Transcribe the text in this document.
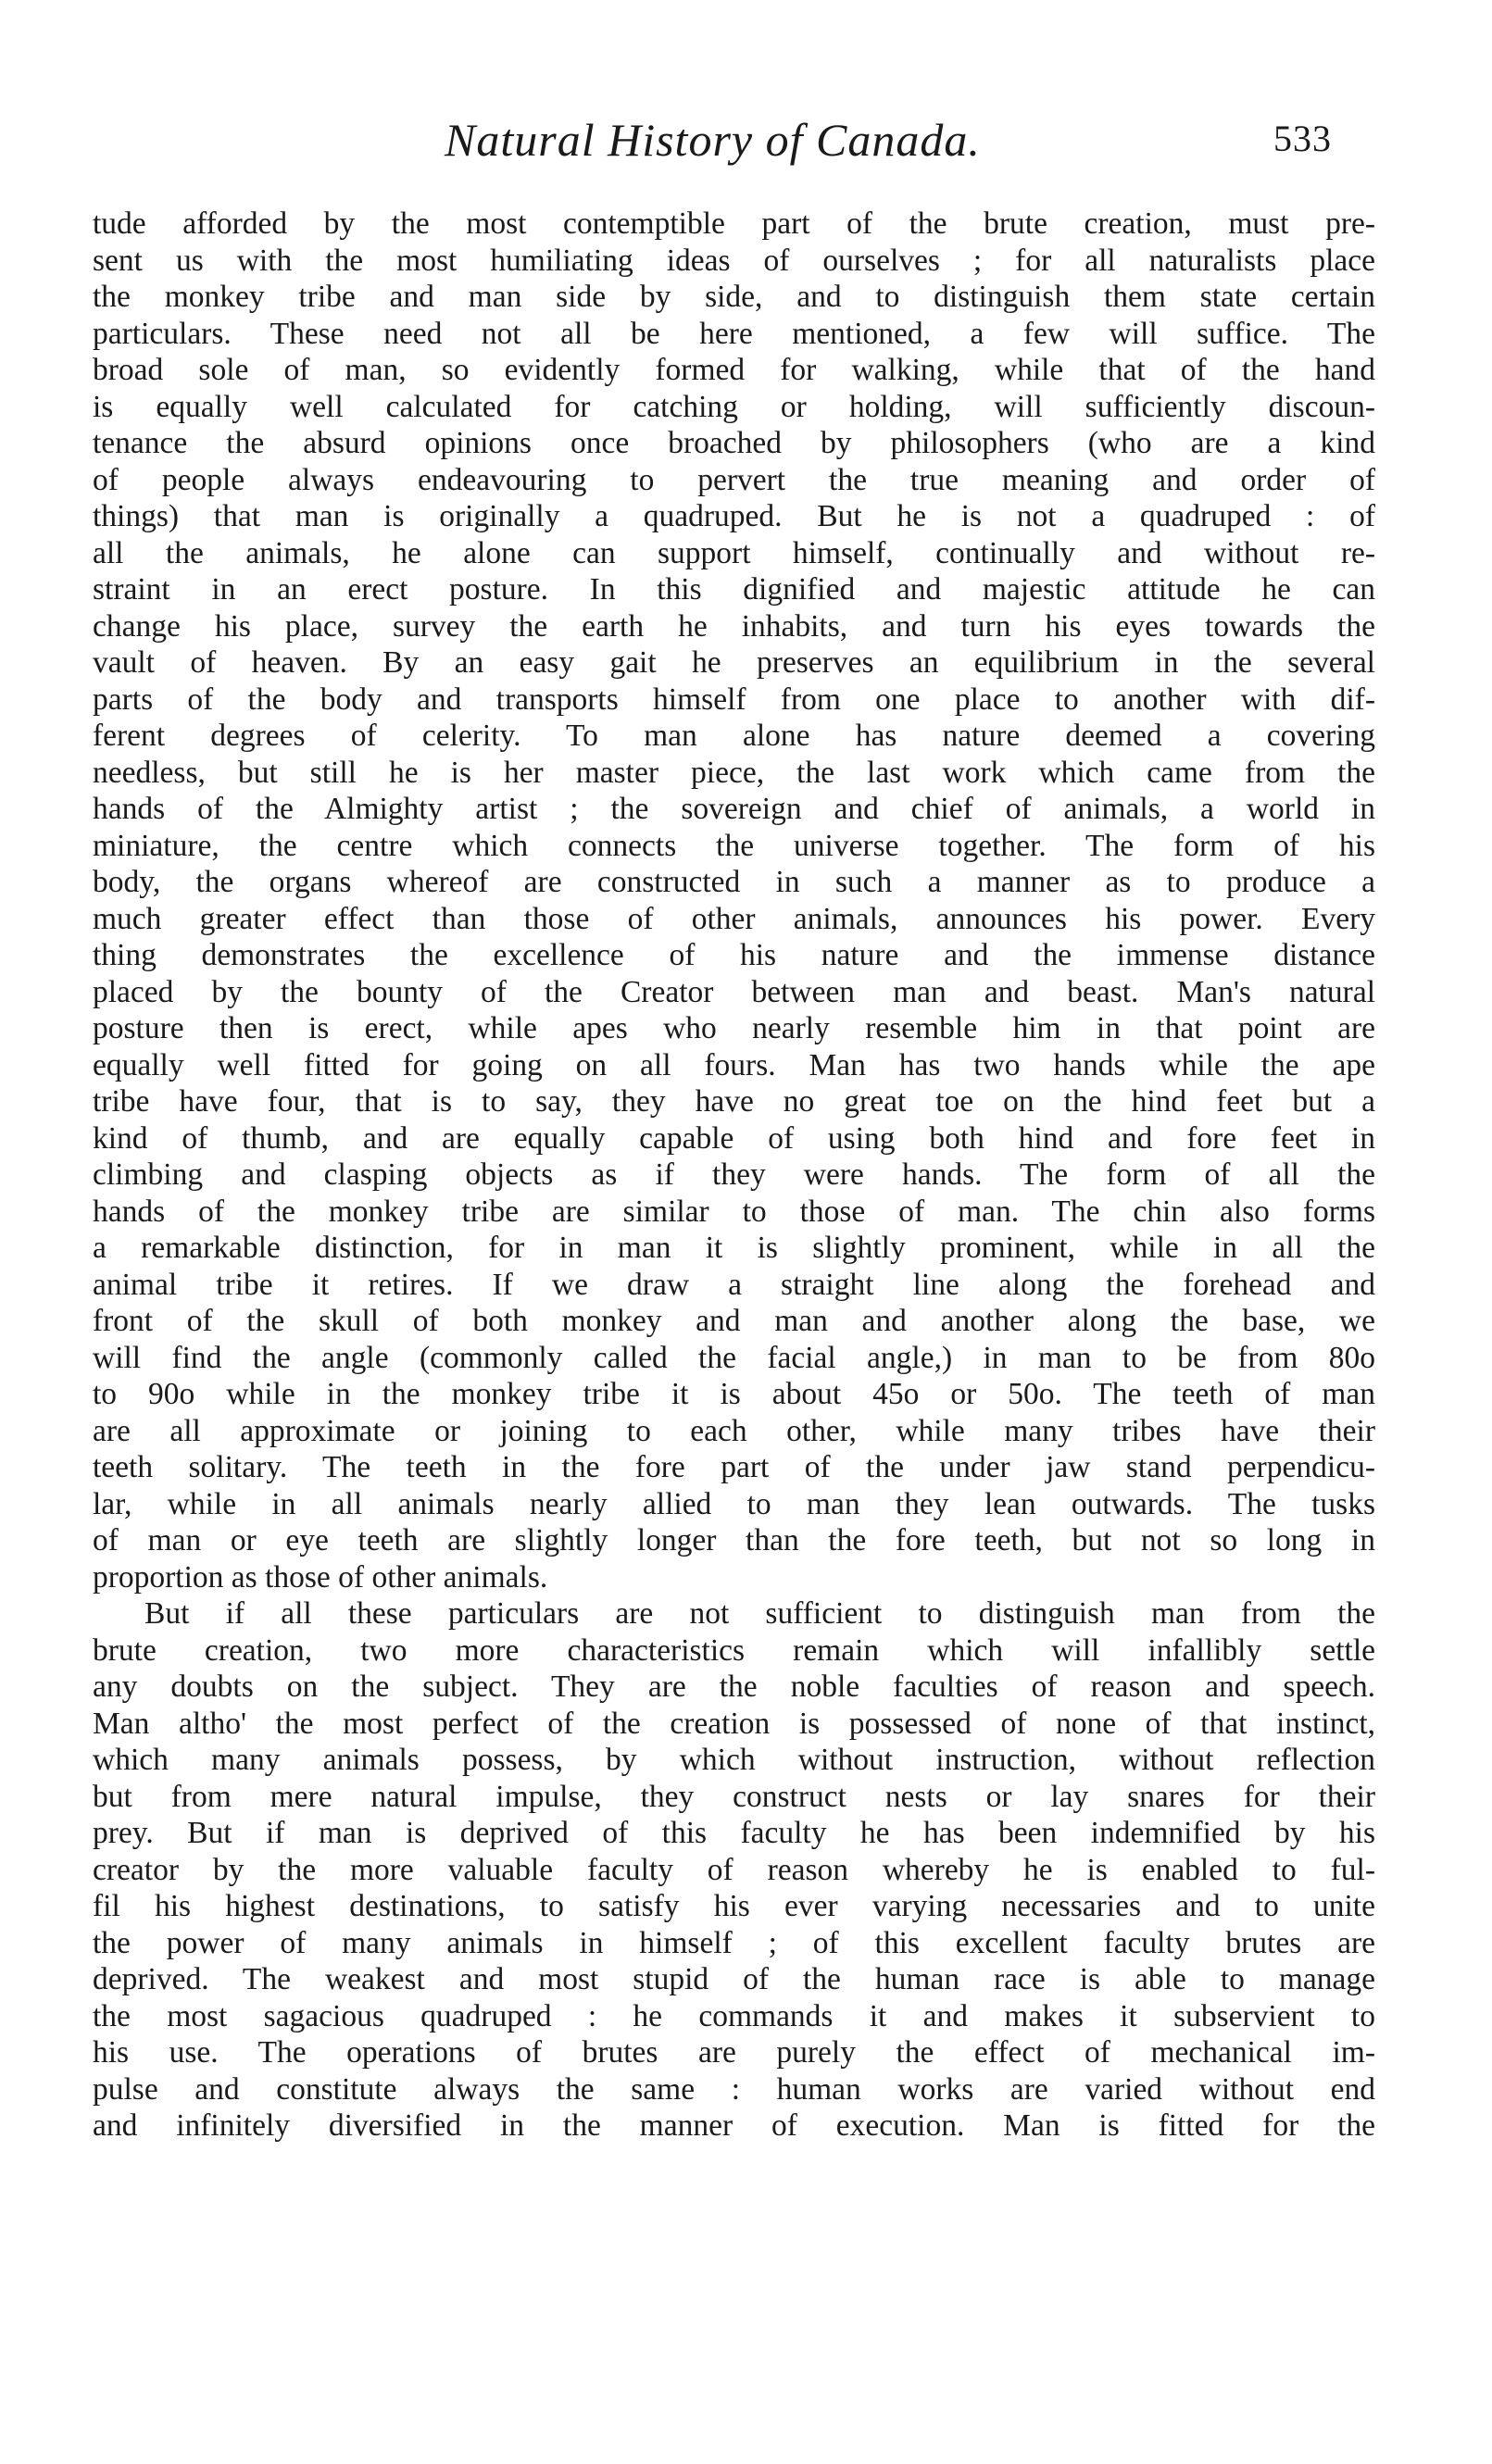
Natural History of Canada.	533
tude afforded by the most contemptible part of the brute creation, must pre-
sent us with the most humiliating ideas of ourselves ; for all naturalists place
the monkey tribe and man side by side, and to distinguish them state certain
particulars. These need not all be here mentioned, a few will suffice. The
broad sole of man, so evidently formed for walking, while that of the hand
is equally well calculated for catching or holding, will sufficiently discoun-
tenance the absurd opinions once broached by philosophers (who are a kind
of people always endeavouring to pervert the true meaning and order of
things) that man is originally a quadruped. But he is not a quadruped : of
all the animals, he alone can support himself, continually and without re-
straint in an erect posture. In this dignified and majestic attitude he can
change his place, survey the earth he inhabits, and turn his eyes towards the
vault of heaven. By an easy gait he preserves an equilibrium in the several
parts of the body and transports himself from one place to another with dif-
ferent degrees of celerity. To man alone has nature deemed a covering
needless, but still he is her master piece, the last work which came from the
hands of the Almighty artist ; the sovereign and chief of animals, a world in
miniature, the centre which connects the universe together. The form of his
body, the organs whereof are constructed in such a manner as to produce a
much greater effect than those of other animals, announces his power. Every
thing demonstrates the excellence of his nature and the immense distance
placed by the bounty of the Creator between man and beast. Man's natural
posture then is erect, while apes who nearly resemble him in that point are
equally well fitted for going on all fours. Man has two hands while the ape
tribe have four, that is to say, they have no great toe on the hind feet but a
kind of thumb, and are equally capable of using both hind and fore feet in
climbing and clasping objects as if they were hands. The form of all the
hands of the monkey tribe are similar to those of man. The chin also forms
a remarkable distinction, for in man it is slightly prominent, while in all the
animal tribe it retires. If we draw a straight line along the forehead and
front of the skull of both monkey and man and another along the base, we
will find the angle (commonly called the facial angle,) in man to be from 80o
to 90o while in the monkey tribe it is about 45o or 50o. The teeth of man
are all approximate or joining to each other, while many tribes have their
teeth solitary. The teeth in the fore part of the under jaw stand perpendicu-
lar, while in all animals nearly allied to man they lean outwards. The tusks
of man or eye teeth are slightly longer than the fore teeth, but not so long in
proportion as those of other animals.
But if all these particulars are not sufficient to distinguish man from the
brute creation, two more characteristics remain which will infallibly settle
any doubts on the subject. They are the noble faculties of reason and speech.
Man altho' the most perfect of the creation is possessed of none of that instinct,
which many animals possess, by which without instruction, without reflection
but from mere natural impulse, they construct nests or lay snares for their
prey. But if man is deprived of this faculty he has been indemnified by his
creator by the more valuable faculty of reason whereby he is enabled to ful-
fil his highest destinations, to satisfy his ever varying necessaries and to unite
the power of many animals in himself ; of this excellent faculty brutes are
deprived. The weakest and most stupid of the human race is able to manage
the most sagacious quadruped : he commands it and makes it subservient to
his use. The operations of brutes are purely the effect of mechanical im-
pulse and constitute always the same : human works are varied without end
and infinitely diversified in the manner of execution. Man is fitted for the
